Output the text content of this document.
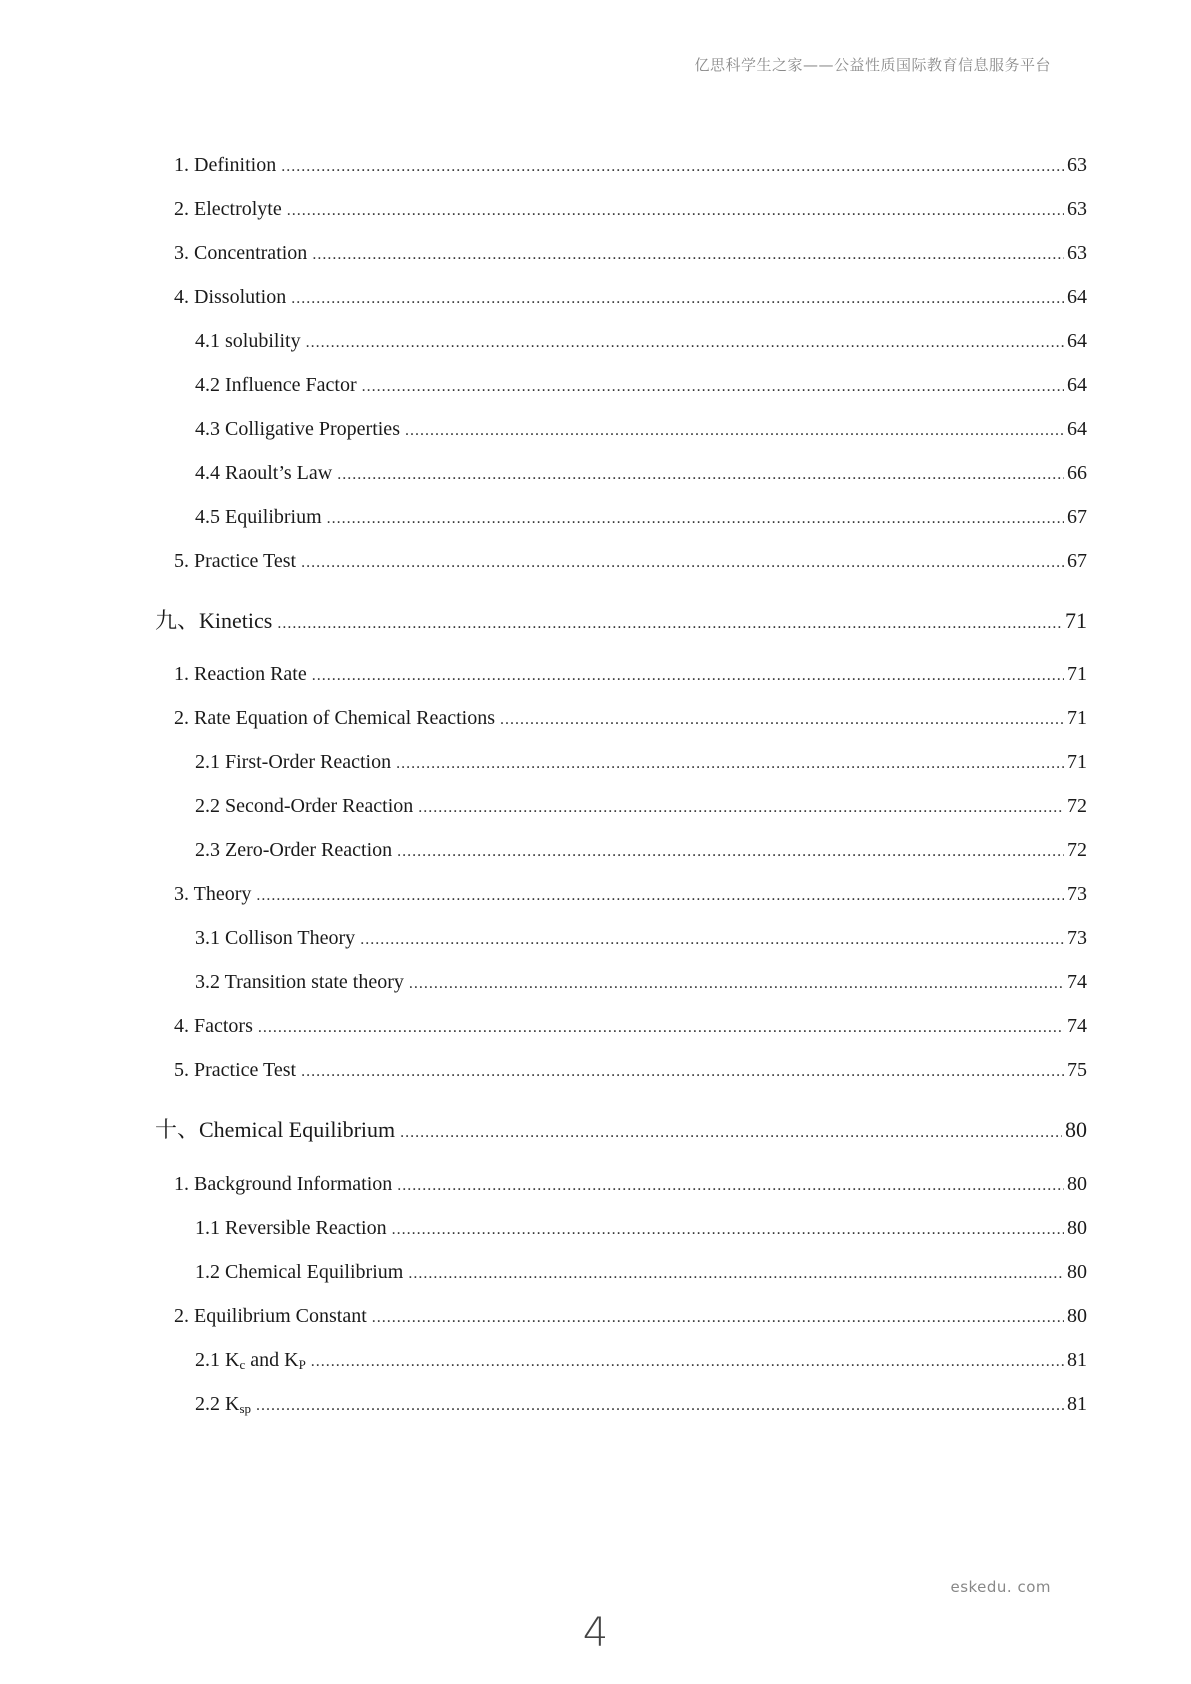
亿思科学生之家——公益性质国际教育信息服务平台
1. Definition .....	63
2. Electrolyte .....	63
3. Concentration .....	63
4. Dissolution .....	64
4.1 solubility .....	64
4.2 Influence Factor .....	64
4.3 Colligative Properties .....	64
4.4 Raoult’s Law .....	66
4.5 Equilibrium .....	67
5. Practice Test .....	67
九、Kinetics .....	71
1. Reaction Rate .....	71
2. Rate Equation of Chemical Reactions .....	71
2.1 First-Order Reaction .....	71
2.2 Second-Order Reaction .....	72
2.3 Zero-Order Reaction .....	72
3. Theory .....	73
3.1 Collison Theory .....	73
3.2 Transition state theory .....	74
4. Factors .....	74
5. Practice Test .....	75
十、Chemical Equilibrium .....	80
1. Background Information .....	80
1.1 Reversible Reaction .....	80
1.2 Chemical Equilibrium .....	80
2. Equilibrium Constant .....	80
2.1 $K_c$ and $K_P$ .....	81
2.2 $K_{sp}$ .....	81
eskedu. com
4
